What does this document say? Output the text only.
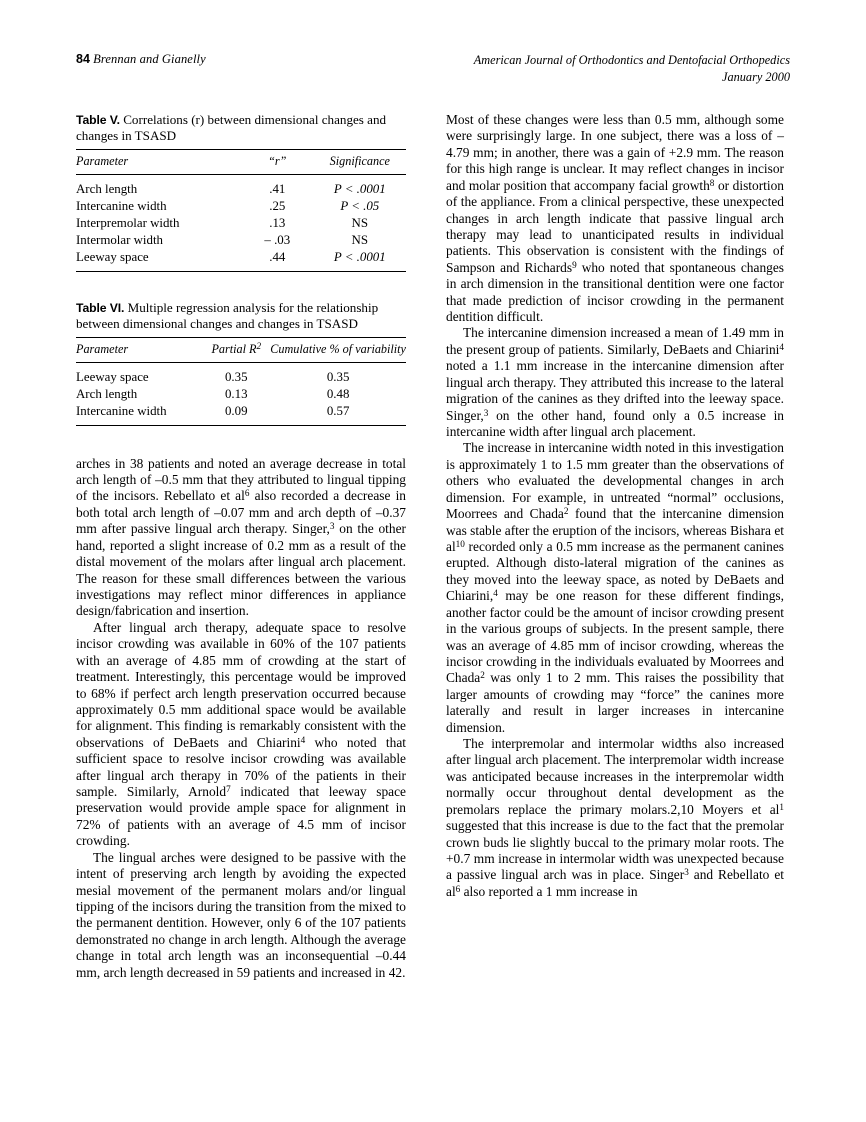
84 Brennan and Gianelly	American Journal of Orthodontics and Dentofacial Orthopedics
January 2000

Table V. Correlations (r) between dimensional changes and changes in TSASD

Parameter	“r”	Significance
Arch length	.41	P < .0001
Intercanine width	.25	P < .05
Interpremolar width	.13	NS
Intermolar width	– .03	NS
Leeway space	.44	P < .0001

Table VI. Multiple regression analysis for the relationship between dimensional changes and changes in TSASD

Parameter	Partial $R^2$	Cumulative % of variability
Leeway space	0.35	0.35
Arch length	0.13	0.48
Intercanine width	0.09	0.57

arches in 38 patients and noted an average decrease in total arch length of –0.5 mm that they attributed to lingual tipping of the incisors. Rebellato et $al^6$ also recorded a decrease in both total arch length of –0.07 mm and arch depth of –0.37 mm after passive lingual arch therapy. Singer,$^3$ on the other hand, reported a slight increase of 0.2 mm as a result of the distal movement of the molars after lingual arch placement. The reason for these small differences between the various investigations may reflect minor differences in appliance design/fabrication and insertion.

After lingual arch therapy, adequate space to resolve incisor crowding was available in 60% of the 107 patients with an average of 4.85 mm of crowding at the start of treatment. Interestingly, this percentage would be improved to 68% if perfect arch length preservation occurred because approximately 0.5 mm additional space would be available for alignment. This finding is remarkably consistent with the observations of DeBaets and Chiarini$^4$ who noted that sufficient space to resolve incisor crowding was available after lingual arch therapy in 70% of the patients in their sample. Similarly, Arnold$^7$ indicated that leeway space preservation would provide ample space for alignment in 72% of patients with an average of 4.5 mm of incisor crowding.

The lingual arches were designed to be passive with the intent of preserving arch length by avoiding the expected mesial movement of the permanent molars and/or lingual tipping of the incisors during the transition from the mixed to the permanent dentition. However, only 6 of the 107 patients demonstrated no change in arch length. Although the average change in total arch length was an inconsequential –0.44 mm, arch length decreased in 59 patients and increased in 42.

Most of these changes were less than 0.5 mm, although some were surprisingly large. In one subject, there was a loss of –4.79 mm; in another, there was a gain of +2.9 mm. The reason for this high range is unclear. It may reflect changes in incisor and molar position that accompany facial growth$^8$ or distortion of the appliance. From a clinical perspective, these unexpected changes in arch length indicate that passive lingual arch therapy may lead to unanticipated results in individual patients. This observation is consistent with the findings of Sampson and Richards$^9$ who noted that spontaneous changes in arch dimension in the transitional dentition were one factor that made prediction of incisor crowding in the permanent dentition difficult.

The intercanine dimension increased a mean of 1.49 mm in the present group of patients. Similarly, DeBaets and Chiarini$^4$ noted a 1.1 mm increase in the intercanine dimension after lingual arch therapy. They attributed this increase to the lateral migration of the canines as they drifted into the leeway space. Singer,$^3$ on the other hand, found only a 0.5 increase in intercanine width after lingual arch placement.

The increase in intercanine width noted in this investigation is approximately 1 to 1.5 mm greater than the observations of others who evaluated the developmental changes in arch dimension. For example, in untreated “normal” occlusions, Moorrees and Chada$^2$ found that the intercanine dimension was stable after the eruption of the incisors, whereas Bishara et $al^{10}$ recorded only a 0.5 mm increase as the permanent canines erupted. Although disto-lateral migration of the canines as they moved into the leeway space, as noted by DeBaets and Chiarini,$^4$ may be one reason for these different findings, another factor could be the amount of incisor crowding present in the various groups of subjects. In the present sample, there was an average of 4.85 mm of incisor crowding, whereas the incisor crowding in the individuals evaluated by Moorrees and Chada$^2$ was only 1 to 2 mm. This raises the possibility that larger amounts of crowding may “force” the canines more laterally and result in larger increases in intercanine dimension.

The interpremolar and intermolar widths also increased after lingual arch placement. The interpremolar width increase was anticipated because increases in the interpremolar width normally occur throughout dental development as the premolars replace the primary molars.2,10 Moyers et $al^1$ suggested that this increase is due to the fact that the premolar crown buds lie slightly buccal to the primary molar roots. The +0.7 mm increase in intermolar width was unexpected because a passive lingual arch was in place. Singer$^3$ and Rebellato et $al^6$ also reported a 1 mm increase in
